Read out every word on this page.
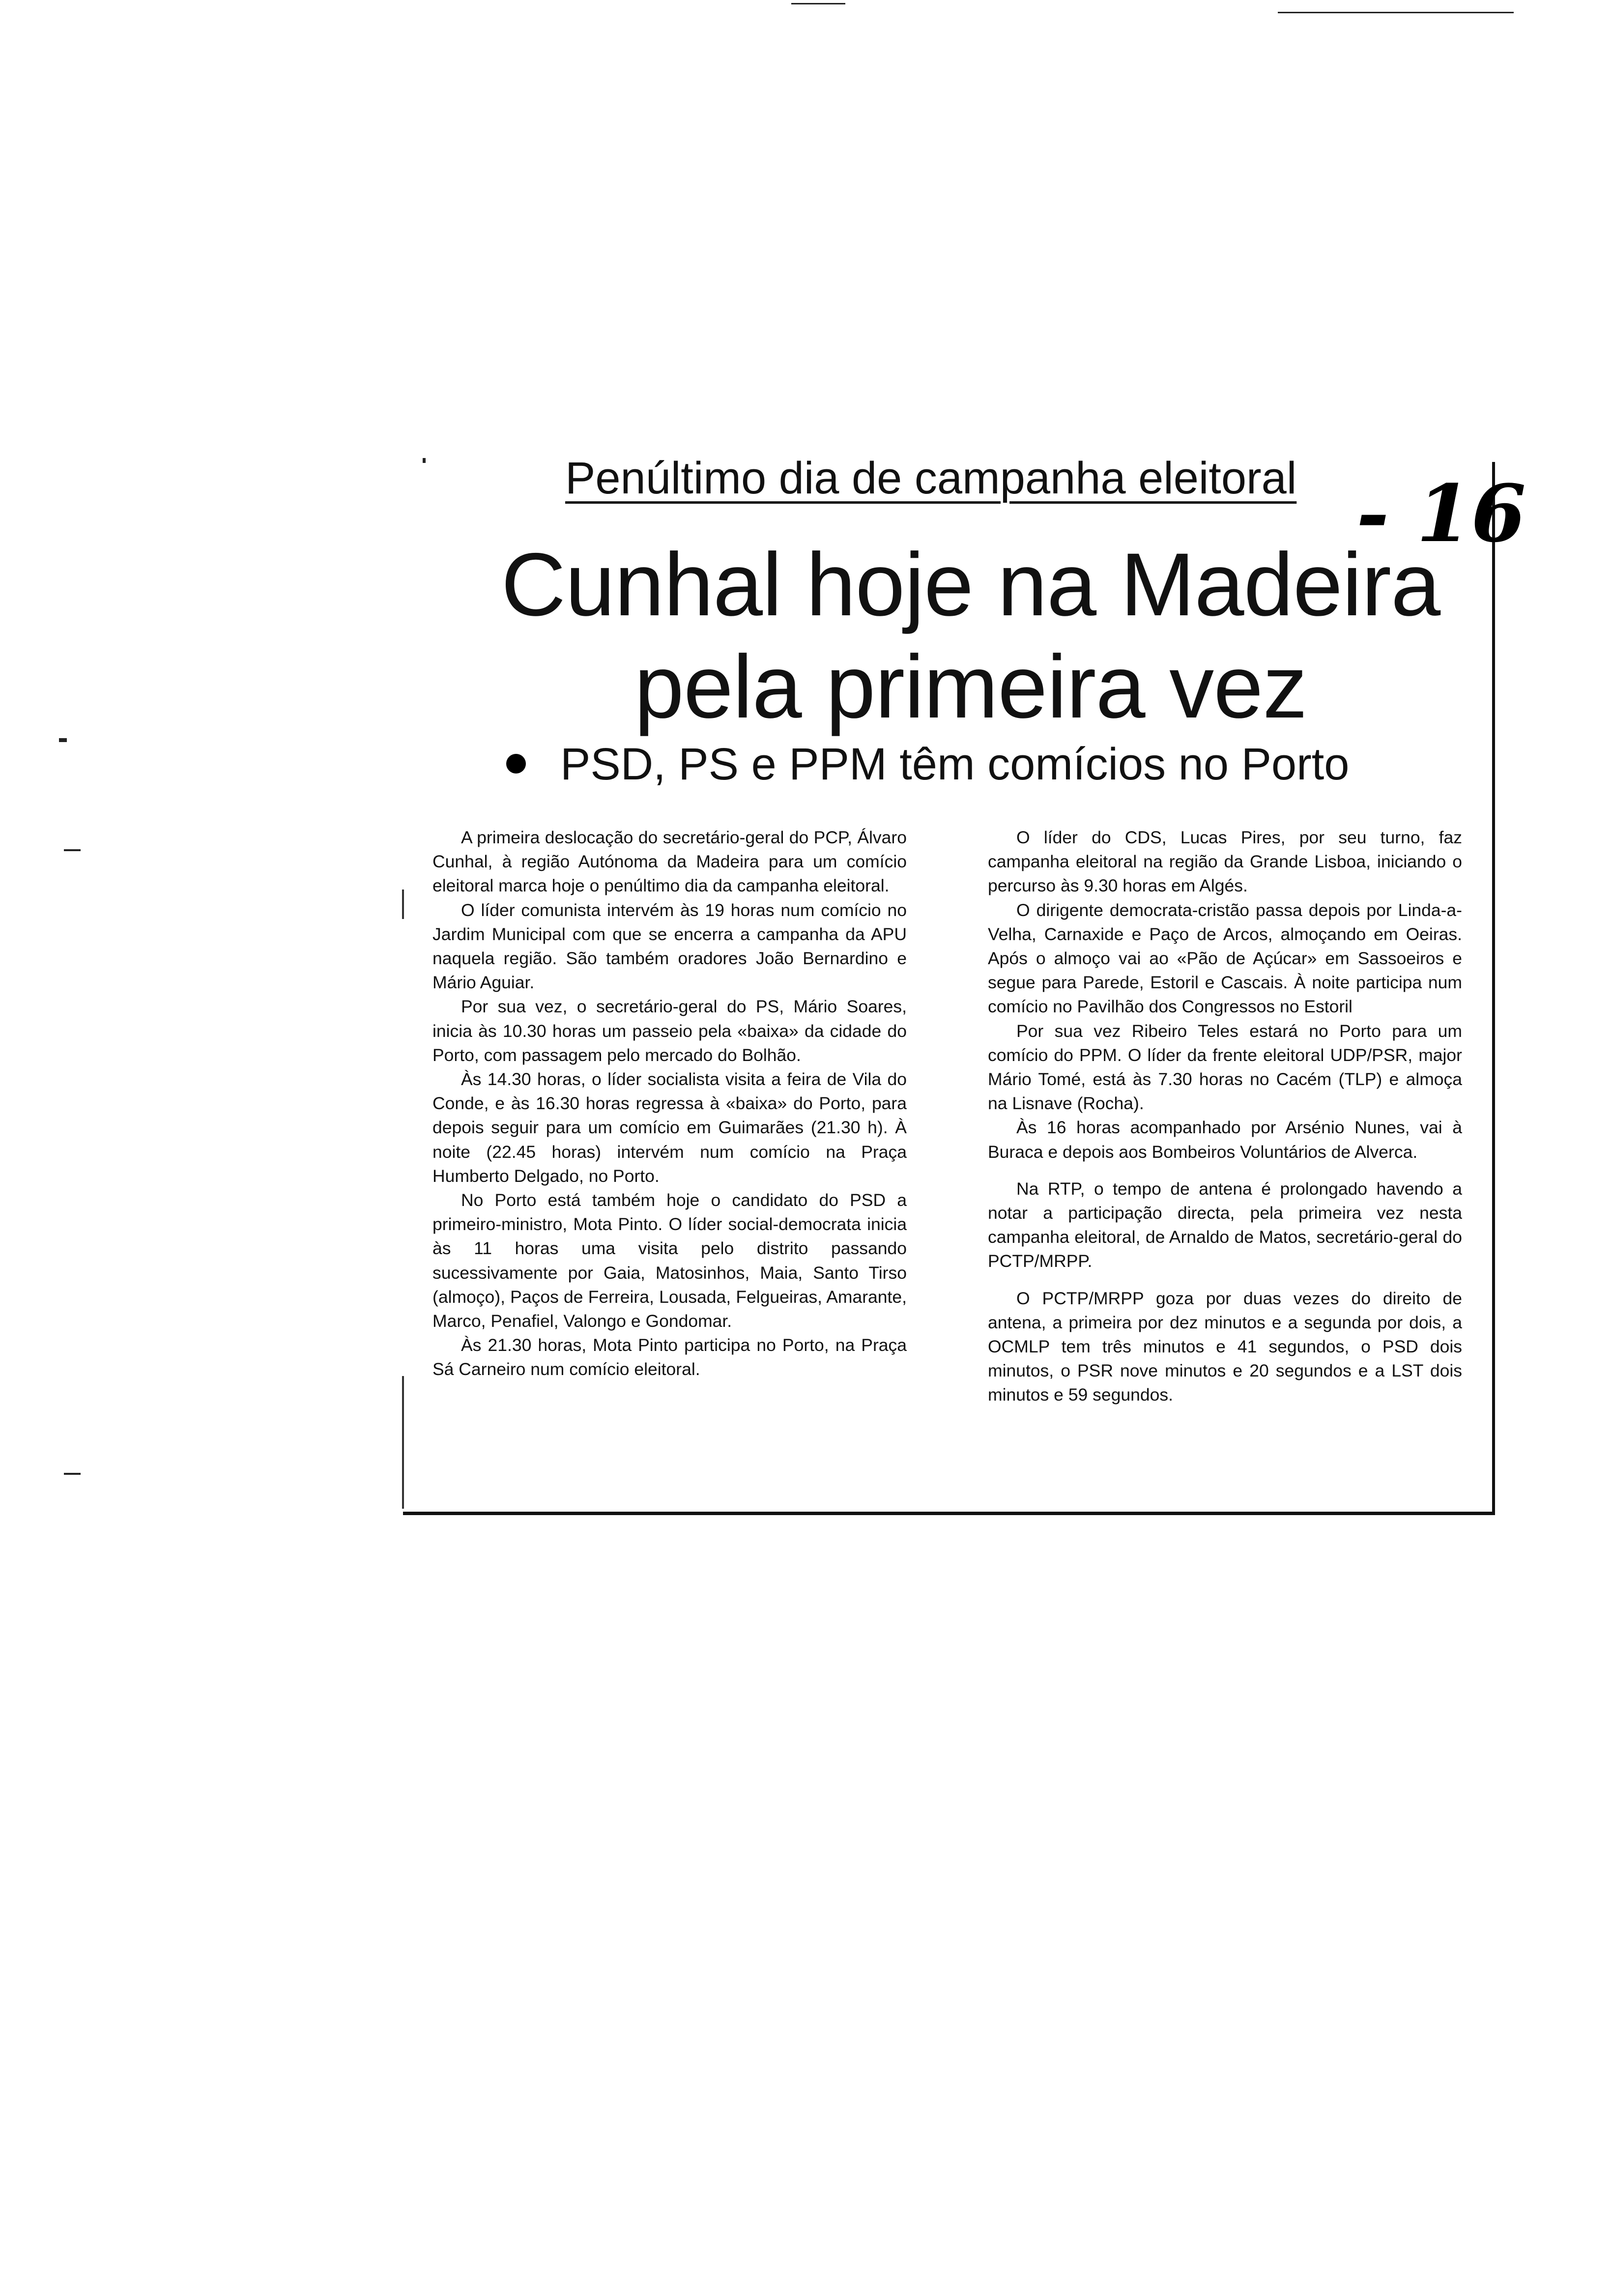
Penúltimo dia de campanha eleitoral - 16
Cunhal hoje na Madeira
pela primeira vez
PSD, PS e PPM têm comícios no Porto

A primeira deslocação do secretário-geral do PCP, Álvaro Cunhal, à região Autónoma da Madeira para um comício eleitoral marca hoje o penúltimo dia da campanha eleitoral.

O líder comunista intervém às 19 horas num comício no Jardim Municipal com que se encerra a campanha da APU naquela região. São também oradores João Bernardino e Mário Aguiar.

Por sua vez, o secretário-geral do PS, Mário Soares, inicia às 10.30 horas um passeio pela «baixa» da cidade do Porto, com passagem pelo mercado do Bolhão.

Às 14.30 horas, o líder socialista visita a feira de Vila do Conde, e às 16.30 horas regressa à «baixa» do Porto, para depois seguir para um comício em Guimarães (21.30 h). À noite (22.45 horas) intervém num comício na Praça Humberto Delgado, no Porto.

No Porto está também hoje o candidato do PSD a primeiro-ministro, Mota Pinto. O líder social-democrata inicia às 11 horas uma visita pelo distrito passando sucessivamente por Gaia, Matosinhos, Maia, Santo Tirso (almoço), Paços de Ferreira, Lousada, Felgueiras, Amarante, Marco, Penafiel, Valongo e Gondomar.

Às 21.30 horas, Mota Pinto participa no Porto, na Praça Sá Carneiro num comício eleitoral.

O líder do CDS, Lucas Pires, por seu turno, faz campanha eleitoral na região da Grande Lisboa, iniciando o percurso às 9.30 horas em Algés.

O dirigente democrata-cristão passa depois por Linda-a-Velha, Carnaxide e Paço de Arcos, almoçando em Oeiras. Após o almoço vai ao «Pão de Açúcar» em Sassoeiros e segue para Parede, Estoril e Cascais. À noite participa num comício no Pavilhão dos Congressos no Estoril

Por sua vez Ribeiro Teles estará no Porto para um comício do PPM. O líder da frente eleitoral UDP/PSR, major Mário Tomé, está às 7.30 horas no Cacém (TLP) e almoça na Lisnave (Rocha).

Às 16 horas acompanhado por Arsénio Nunes, vai à Buraca e depois aos Bombeiros Voluntários de Alverca.

Na RTP, o tempo de antena é prolongado havendo a notar a participação directa, pela primeira vez nesta campanha eleitoral, de Arnaldo de Matos, secretário-geral do PCTP/MRPP.

O PCTP/MRPP goza por duas vezes do direito de antena, a primeira por dez minutos e a segunda por dois, a OCMLP tem três minutos e 41 segundos, o PSD dois minutos, o PSR nove minutos e 20 segundos e a LST dois minutos e 59 segundos.
